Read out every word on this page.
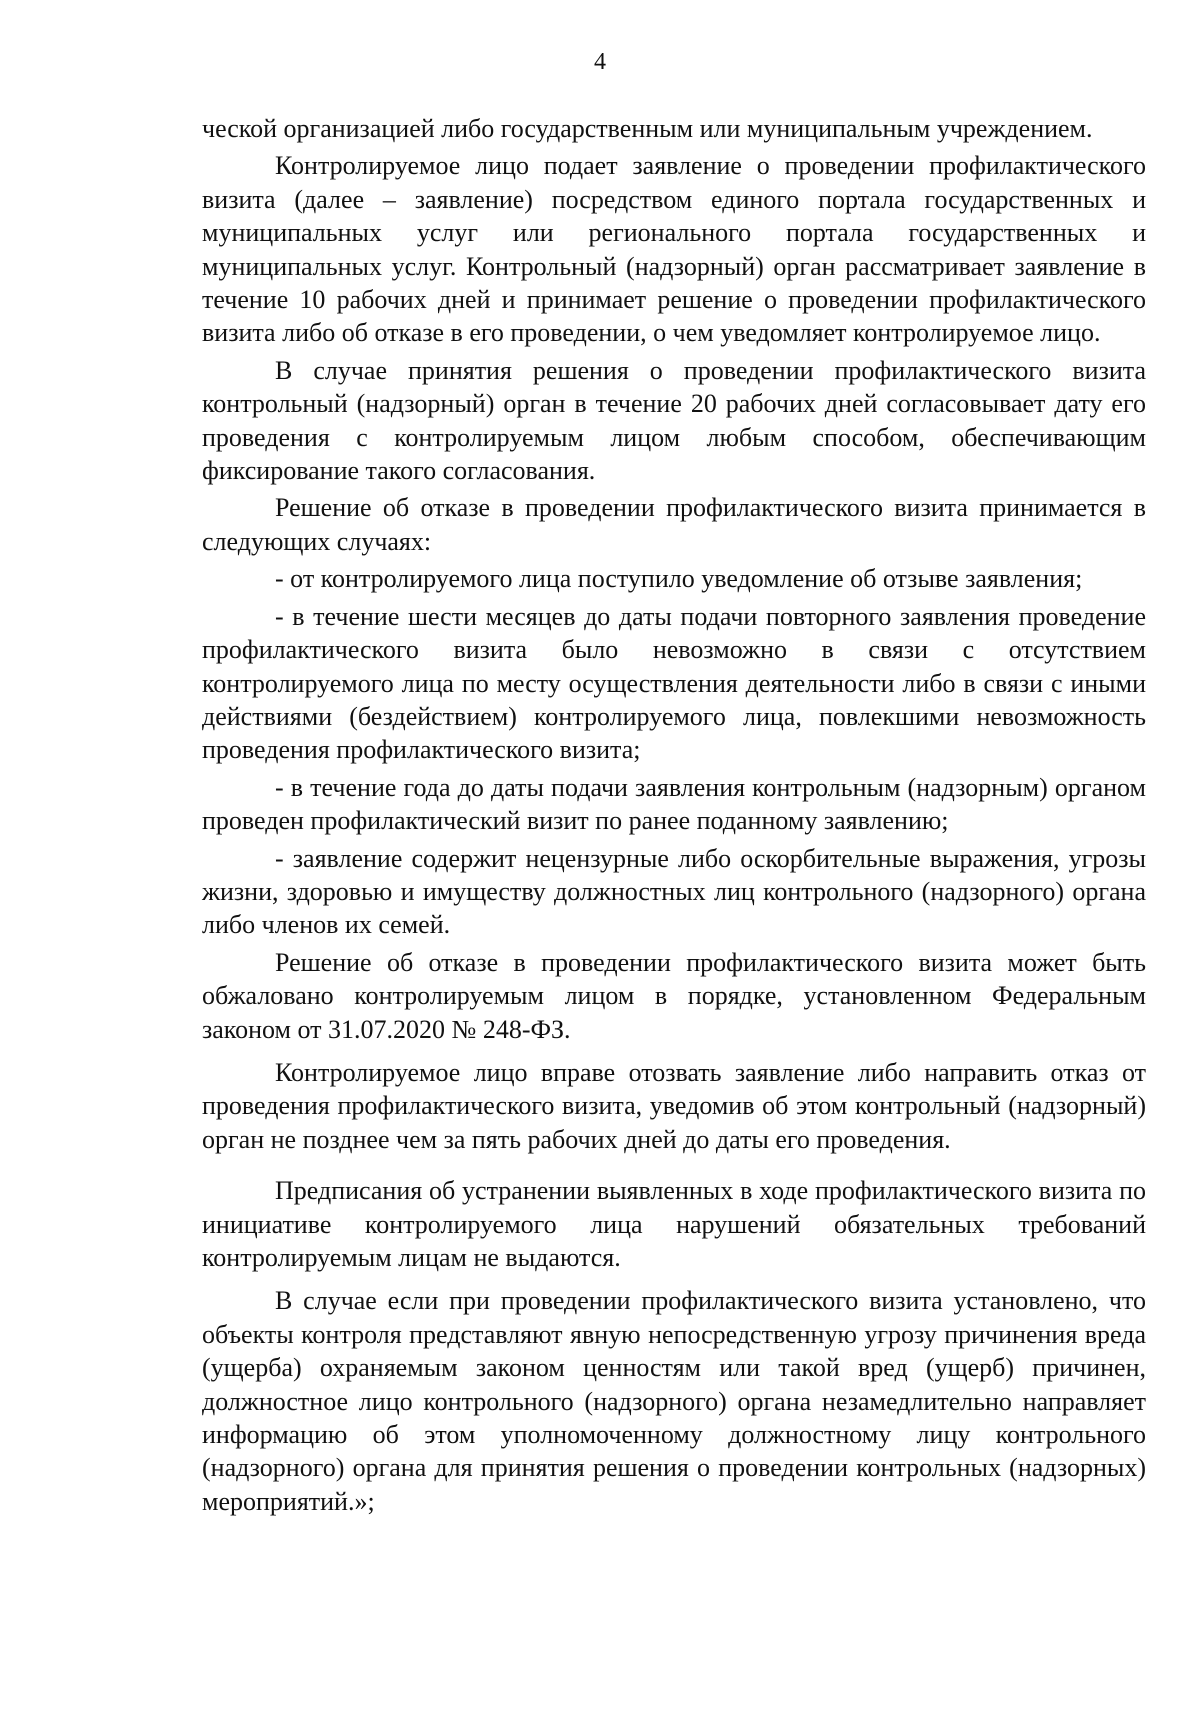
4

ческой организацией либо государственным или муниципальным учреждением.

Контролируемое лицо подает заявление о проведении профилактического визита (далее – заявление) посредством единого портала государственных и муниципальных услуг или регионального портала государственных и муниципальных услуг. Контрольный (надзорный) орган рассматривает заявление в течение 10 рабочих дней и принимает решение о проведении профилактического визита либо об отказе в его проведении, о чем уведомляет контролируемое лицо.

В случае принятия решения о проведении профилактического визита контрольный (надзорный) орган в течение 20 рабочих дней согласовывает дату его проведения с контролируемым лицом любым способом, обеспечивающим фиксирование такого согласования.

Решение об отказе в проведении профилактического визита принимается в следующих случаях:

- от контролируемого лица поступило уведомление об отзыве заявления;

- в течение шести месяцев до даты подачи повторного заявления проведение профилактического визита было невозможно в связи с отсутствием контролируемого лица по месту осуществления деятельности либо в связи с иными действиями (бездействием) контролируемого лица, повлекшими невозможность проведения профилактического визита;

- в течение года до даты подачи заявления контрольным (надзорным) органом проведен профилактический визит по ранее поданному заявлению;

- заявление содержит нецензурные либо оскорбительные выражения, угрозы жизни, здоровью и имуществу должностных лиц контрольного (надзорного) органа либо членов их семей.

Решение об отказе в проведении профилактического визита может быть обжаловано контролируемым лицом в порядке, установленном Федеральным законом от 31.07.2020 № 248-ФЗ.

Контролируемое лицо вправе отозвать заявление либо направить отказ от проведения профилактического визита, уведомив об этом контрольный (надзорный) орган не позднее чем за пять рабочих дней до даты его проведения.

Предписания об устранении выявленных в ходе профилактического визита по инициативе контролируемого лица нарушений обязательных требований контролируемым лицам не выдаются.

В случае если при проведении профилактического визита установлено, что объекты контроля представляют явную непосредственную угрозу причинения вреда (ущерба) охраняемым законом ценностям или такой вред (ущерб) причинен, должностное лицо контрольного (надзорного) органа незамедлительно направляет информацию об этом уполномоченному должностному лицу контрольного (надзорного) органа для принятия решения о проведении контрольных (надзорных) мероприятий.»;
